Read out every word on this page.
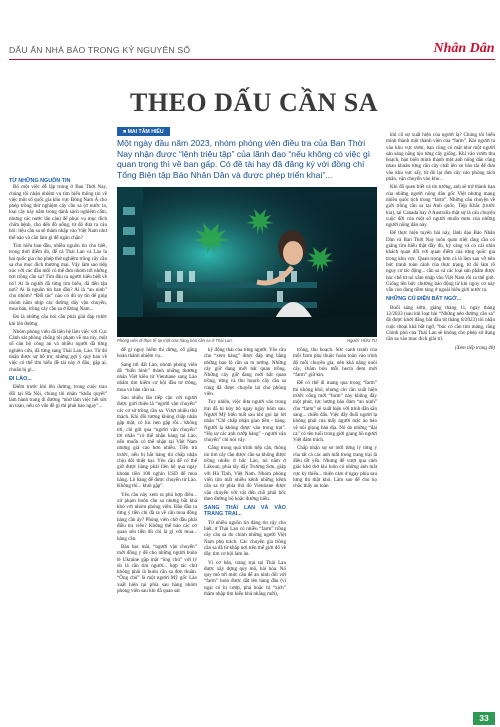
DẤU ẤN NHÀ BÁO TRONG KỶ NGUYÊN SỐ	Nhân Dân
THEO DẤU CẦN SA
■ MAI TÂM HIẾU
Một ngày đầu năm 2023, nhóm phóng viên điều tra của Ban Thời Nay nhận được “lệnh triệu tập” của lãnh đạo “nếu không có việc gì quan trọng thì về ban gấp. Có đề tài hay đã đăng ký với đồng chí Tổng Biên tập Báo Nhân Dân và được phép triển khai”...
Phóng viên đi thực tế tại một cửa hàng bán cần sa ở Thái Lan.	Người: HỮU TÚ
TỪ NHỮNG NGUỒN TIN

Bô một việc dễ lặp trung ở Ban Thời Nay, chúng tôi nhận nhiệm vụ tìm hiểu thông tin về việc một số quốc gia khu vực Đông Nam Á cho phép trồng thử nghiệm cây cần sa (ở nước ta, loại cây này nằm trong danh sách nghiêm cấm, nhưng các nước lân cận) để phục vụ mục đích chữa bệnh, cho đến đồ uống, từ đó đưa ra câu hỏi: liệu cần sa sẽ thâm nhập vào Việt Nam như thế nào và cần làm gì để ngăn chặn?

Tìm hiểu ban đầu, nhiều nguồn tin cho biết, trong thời điểm đó, để cả Thái Lan và Lào là hai quốc gia cho phép thử nghiệm trồng cây cần sa cho mục đích thương mại. Vậy làm sao tiếp xúc với các đầu mối có thể đưa nhóm tới những nơi trồng cần sa? Tìm đâu ra người hiểu biết về nó? Ai là người đã từng tìm hiểu, đã đến tận nơi? Ai là nguồn tin ban đầu? Ai là “an ninh” cho nhóm? “Đối tác” nào có đủ uy tín để giúp nhóm nắm nhịp các đường dây vận chuyển, mua bán, trồng cây cần sa ở Đông Nam...

Đó là những câu hỏi cần phải giải đáp trước khi lên đường.

Nhóm phóng viên đã liên hệ làm việc với Cục Cảnh sát phòng chống tội phạm về ma túy, một số cán bộ công an và nhiều người đã từng nghiên cứu, đã từng sang Thái Lan, Lào. Từ đó nhận được sự hỗ trợ, những gợi ý quý báu về việc có thể tìm hiểu đề tài này ở đâu, gặp ai, chuẩn bị gì...

ĐI LÀO...

Điểm trước khi lên đường, trong cuộc trao đổi tại Hà Nội, chúng tôi nhận “khẩu quyết” làm hành trang đi đường “nhớ làm việc hết sức an toàn, nếu có vấn đề gì thì phải báo ngay”...

để gỉ nguy hiểm thì dừng, cố gắng hoàn thành nhiệm vụ...

Sang tới đất Lào, nhóm phóng viên đã “biến hình” thành những thương nhân Việt kiều từ Vientiane sang Lào nhằm tìm kiếm cơ hội đầu tư trồng, mua và bán cần sa.

Sau nhiều lần tiếp cận với người được giới thiệu là “người vận chuyển” các cơ sở trồng cần sa. Vượt nhiều thử thách. Khi đồi tương không chấp nhận gặp mặt, có lúc hẹn gặp rồi... không tới, chỉ gửi qua “người vận chuyển” lời nhắn “có thể nhận hàng tại Lào, nếu muốn có thể nhận tại Việt Nam nhưng giá cao hơn nhiều. Tiền trả trước, nếu bị bắt hàng thì chấp nhận chịu đôi thiệt hại. Yêu cầu để có thể giữ được hàng phải liên hệ qua ngay khoản tiền 100 nghìn USD để mua hàng. Lô hàng để được chuyển từ Lào. Không thì... khỏi gặp”.

Yêu cầu này xem ra phù hợp điều... xử phạm buôn cần sa nhưng bắt khá khó với nhóm phóng viên. Đầu đầu ra từng ý tiền chi đã ra về căn mua đồng hàng cần ấy? Phóng viên chờ đầu phải điều tra viên? Không thể bảo các cơ quan sẽn tiền đủ chi là gì với mua... hàng cần.

Bàn bạc mãi, “người vận chuyển” mới đồng ý để cho những người buôn lẻ Ukraine gặp mặt “ông chủ” với lý do là cần tìm người... hợp tác chứ không phải là buôn cần sa đơn thuần. “Ông chủ” là một người Mỹ gốc Lào xuất hiện tại phía sau hàng nhóm phóng viên sau khi đã quan sát

kỹ động thái của từng người. Yêu cầu cho “xem hàng” được đáp ứng bằng những bao lô cần sa to tướng. Những cây giữ đang mới bắt quan trồng. Những cây giữ đang mới bắt quan trồng, từng và thu hoạch cây cần sa cùng đã được chuyển lại cho phòng viên.

Tuy nhiên, việc đưa người vào trong trại đã bị hủy bỏ ngay ngày hôm sau. Người Mỹ biến mất sau khi gọi lại lời nhắn “Chỉ chấp nhận giao tiền - hàng. Người lạ không được vào trong trại”. “Họ sợ các anh cướp hàng” - người vận chuyển” chỉ nói vậy.

Căng trong quá trình tiếp cận, thông tin tìm cây cần được cần sa không được trồng nhiều ở bắc Lào, nó nằm ở Làkoun, phía tây dãy Trường Sơn, giáp với Hà Tĩnh, Việt Nam. Nhóm phóng viên tìm mất nhiều kênh những kênh cần sa từ phía thủ đô Vientiane được vận chuyển với vật đến chỗ phải bốc theo đường bộ hoặc đường biển.

SANG THÁI LAN VÀ VÀO TRANG TRẠI...

Từ nhiều nguồn tin đáng tin cậy cho biết, ở Thái Lan có nhiều “farm” trồng cây cần sa do chính những người Việt Nam phụ trách. Các chuyên gia trồng cần sa đã từ khắp nơi trên thế giới đổ về đây tìm cơ hội làm ăn.

Vì cơ bản, trang trại tại Thái Lan được xây dựng quy mô, hài hòa. Nó quy mô tới mức cần để an ninh đối với “farm” luôn được đặt lên hàng đầu (vì ngại có bị cướp, phá hoặc bị “xịch” thâm nhập tìm hiểu khá nhằng mới),

trồng, thu hoạch. Sức canh tranh của mỗi farm phụ thuộc hoàn toàn vào trình độ mỗi chuyên gia, nên khả năng nuôi cây, chăm bón mỗi hecta đem mới “farm” giữ kín.

Để có thể đi mang qua trong “farm” thì không khó, nhưng chỉ cần xuất hiện trước cổng mới “farm” này không đầy một phút, lực lượng bảo đảm “an ninh” cho “farm” sẽ xuất hiện với trình dẫn sẵn sàng... chiến đấu. Việc đẩy đuổi người lạ không phải của mấy người mặc áo bảo vệ nói giọng bản địa. Nó do những “đại ca” có tên tuổi trong giới giang hồ người Việt đảm trách.

Chấp nhận sự sơ mới từng lý từng ý của tất cả các anh mất trong trang trại là điều tốt yếu. Nhưng để vượt qua cảm giác khó thở khi luôn có những ánh mắt cực kỳ thiếu... thiện cảm ở ngay phía sau lưng thì thật khó. Làm sao để cho họ chắc thấy an toàn

khi cố sự xuất hiện của người lạ? Chúng tôi biến mình thành một thành viên của “farm”. Khi người ta vào khu vực ươm, bạn cũng có mặt như một người sản sàng năng nịu từng cây giống. Khi vào vườn thu hoạch, bạn biến mình thành một anh nông dân cũng nhau khuân từng cần cây chất lên xe bảo tải để đưa vào khu vực sấy, từ đó lại đưa cây vào phòng tách phân, vận chuyển vào kho...

Khi đồ quen biết và tín tưởng, anh sẽ trở thành bạn của những người nông dân gốc Việt nhưng mang nhiều quốc tịch trong “farm”. Những câu chuyện về giới trồng cần sa tại Anh quốc, Tiệp Khắc (trước kia), tại Canada hay ở Australia thật sự là câu chuyện cuộc đời của một số người muốn mưu của những người nông dân này.

Để thực hiện tuyến bài này, lãnh đạo Báo Nhân Dân và Ban Thời Nay luôn quan triệt rằng cần có giảng tìm hiểu thật đầy đủ, kỹ càng và có cái nhìn khách quan đối với quan điểm của từng quốc gia trong khu vực. Quan trọng hơn cả là làm sao vỡ nên bức tranh toàn cảnh của thực trạng, từ đó làm rõ nguy cơ tác động... cần sa và các loại sản phẩm được bác chế từ nó xâm nhập vào Việt Nam rồi ra thế giới. Giống lên bức chướng báo động từ khi nguy cơ này vẫn còn đang tiềm tàng ở ngoài biên giới nước ta.

NHỮNG CÚ ĐIỆN BẤT NGỜ...

Buổi sáng sớm, giáng tháng 11, ngày tháng 12/2023 (sau khi loạt bài “Những nẻo đường cần sa” đã được khởi đăng bắt đầu từ tháng 8/2023) tôi nhận cuộc thoại khá bất ngờ, “bác có cần tìm mảng, rằng Chính phủ của Thái Lan sẽ không cho phép sử dụng cần sa vào mục đích giải trí.

(Xem tiếp trang 40)
33
